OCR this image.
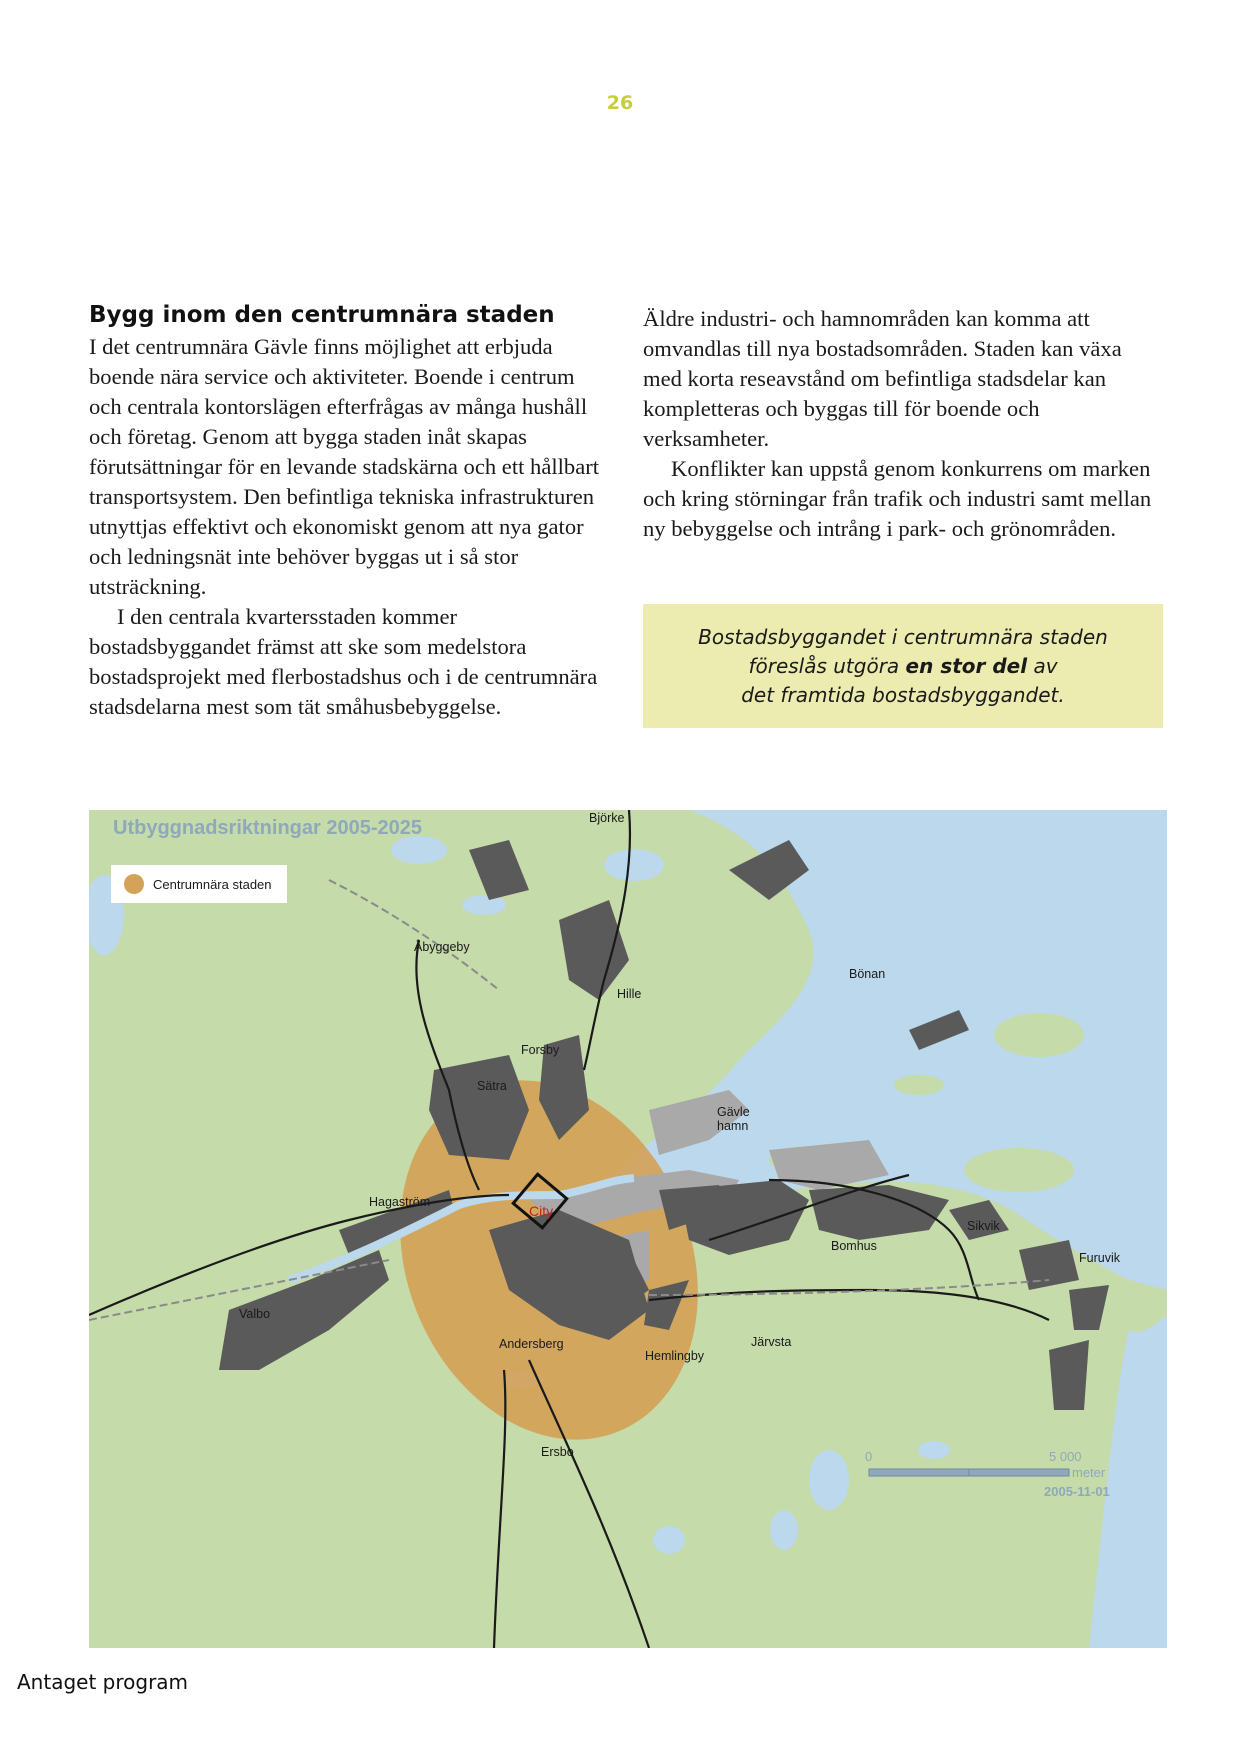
26
Bygg inom den centrumnära staden

I det centrumnära Gävle finns möjlighet att erbjuda boende nära service och aktiviteter. Boende i centrum och centrala kontorslägen efterfrågas av många hushåll och företag. Genom att bygga staden inåt skapas förutsättningar för en levande stadskärna och ett hållbart transportsystem. Den befintliga tekniska infrastrukturen utnyttjas effektivt och ekonomiskt genom att nya gator och ledningsnät inte behöver byggas ut i så stor utsträckning.

I den centrala kvartersstaden kommer bostadsbyggandet främst att ske som medelstora bostadsprojekt med flerbostadshus och i de centrumnära stadsdelarna mest som tät småhusbebyggelse.

Äldre industri- och hamnområden kan komma att omvandlas till nya bostadsområden. Staden kan växa med korta reseavstånd om befintliga stadsdelar kan kompletteras och byggas till för boende och verksamheter.

Konflikter kan uppstå genom konkurrens om marken och kring störningar från trafik och industri samt mellan ny bebyggelse och intrång i park- och grönområden.

Bostadsbyggandet i centrumnära staden
föreslås utgöra en stor del av
det framtida bostadsbyggandet.

Björke
Åbyggeby
Hille
Bönan
Forsby
Sätra
Gävle
hamn
Hagaström
Bomhus
Sikvik
Furuvik
Valbo
Andersberg
Hemlingby
Järvsta
Ersbo
City
Utbyggnadsriktningar 2005-2025
Centrumnära staden
0	5 000
meter
2005-11-01
Antaget program
